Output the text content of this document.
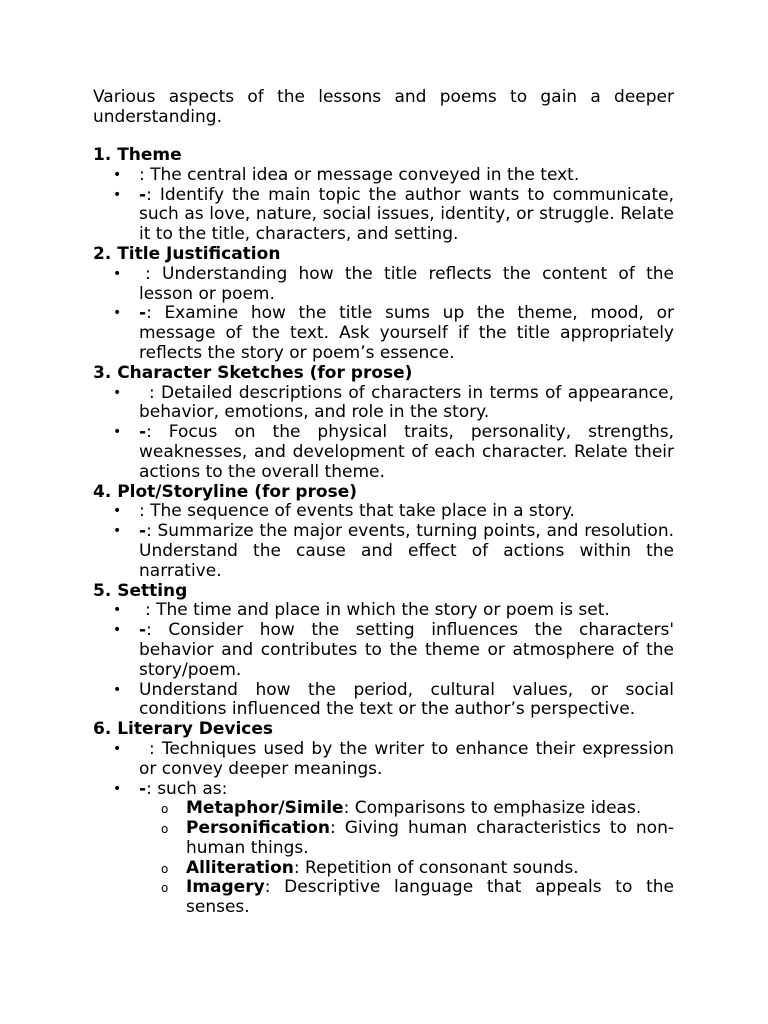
Various aspects of the lessons and poems to gain a deeper understanding.

1. Theme
• : The central idea or message conveyed in the text.
• -: Identify the main topic the author wants to communicate, such as love, nature, social issues, identity, or struggle. Relate it to the title, characters, and setting.
2. Title Justification
• : Understanding how the title reflects the content of the lesson or poem.
• -: Examine how the title sums up the theme, mood, or message of the text. Ask yourself if the title appropriately reflects the story or poem’s essence.
3. Character Sketches (for prose)
• : Detailed descriptions of characters in terms of appearance, behavior, emotions, and role in the story.
• -: Focus on the physical traits, personality, strengths, weaknesses, and development of each character. Relate their actions to the overall theme.
4. Plot/Storyline (for prose)
• : The sequence of events that take place in a story.
• -: Summarize the major events, turning points, and resolution. Understand the cause and effect of actions within the narrative.
5. Setting
• : The time and place in which the story or poem is set.
• -: Consider how the setting influences the characters' behavior and contributes to the theme or atmosphere of the story/poem.
• Understand how the period, cultural values, or social conditions influenced the text or the author’s perspective.
6. Literary Devices
• : Techniques used by the writer to enhance their expression or convey deeper meanings.
• -: such as:
o Metaphor/Simile: Comparisons to emphasize ideas.
o Personification: Giving human characteristics to non-human things.
o Alliteration: Repetition of consonant sounds.
o Imagery: Descriptive language that appeals to the senses.
